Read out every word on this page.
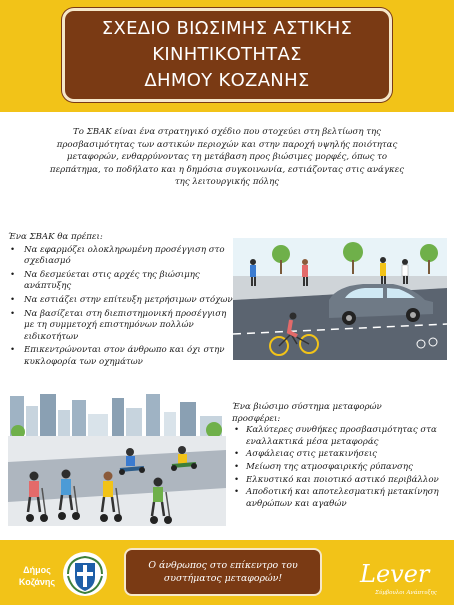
ΣΧΕΔΙΟ ΒΙΩΣΙΜΗΣ ΑΣΤΙΚΗΣ
ΚΙΝΗΤΙΚΟΤΗΤΑΣ
ΔΗΜΟΥ ΚΟΖΑΝΗΣ
Το ΣΒΑΚ είναι ένα στρατηγικό σχέδιο που στοχεύει στη βελτίωση της
προσβασιμότητας των αστικών περιοχών και στην παροχή υψηλής ποιότητας
μεταφορών, ενθαρρύνοντας τη μετάβαση προς βιώσιμες μορφές, όπως το
περπάτημα, το ποδήλατο και η δημόσια συγκοινωνία, εστιάζοντας στις ανάγκες
της λειτουργικής πόλης
Ένα ΣΒΑΚ θα πρέπει:
• Να εφαρμόζει ολοκληρωμένη προσέγγιση στο σχεδιασμό
• Να δεσμεύεται στις αρχές της βιώσιμης ανάπτυξης
• Να εστιάζει στην επίτευξη μετρήσιμων στόχων
• Να βασίζεται στη διεπιστημονική προσέγγιση με τη συμμετοχή επιστημόνων πολλών ειδικοτήτων
• Επικεντρώνονται στον άνθρωπο και όχι στην κυκλοφορία των οχημάτων
Ένα βιώσιμο σύστημα μεταφορών
προσφέρει:
• Καλύτερες συνθήκες προσβασιμότητας στα εναλλακτικά μέσα μεταφοράς
• Ασφάλειας στις μετακινήσεις
• Μείωση της ατμοσφαιρικής ρύπανσης
• Ελκυστικό και ποιοτικό αστικό περιβάλλον
• Αποδοτική και αποτελεσματική μετακίνηση ανθρώπων και αγαθών
Δήμος
Κοζάνης
Ο άνθρωπος στο επίκεντρο του
συστήματος μεταφορών!	Lever
Σύμβουλοι Ανάπτυξης
